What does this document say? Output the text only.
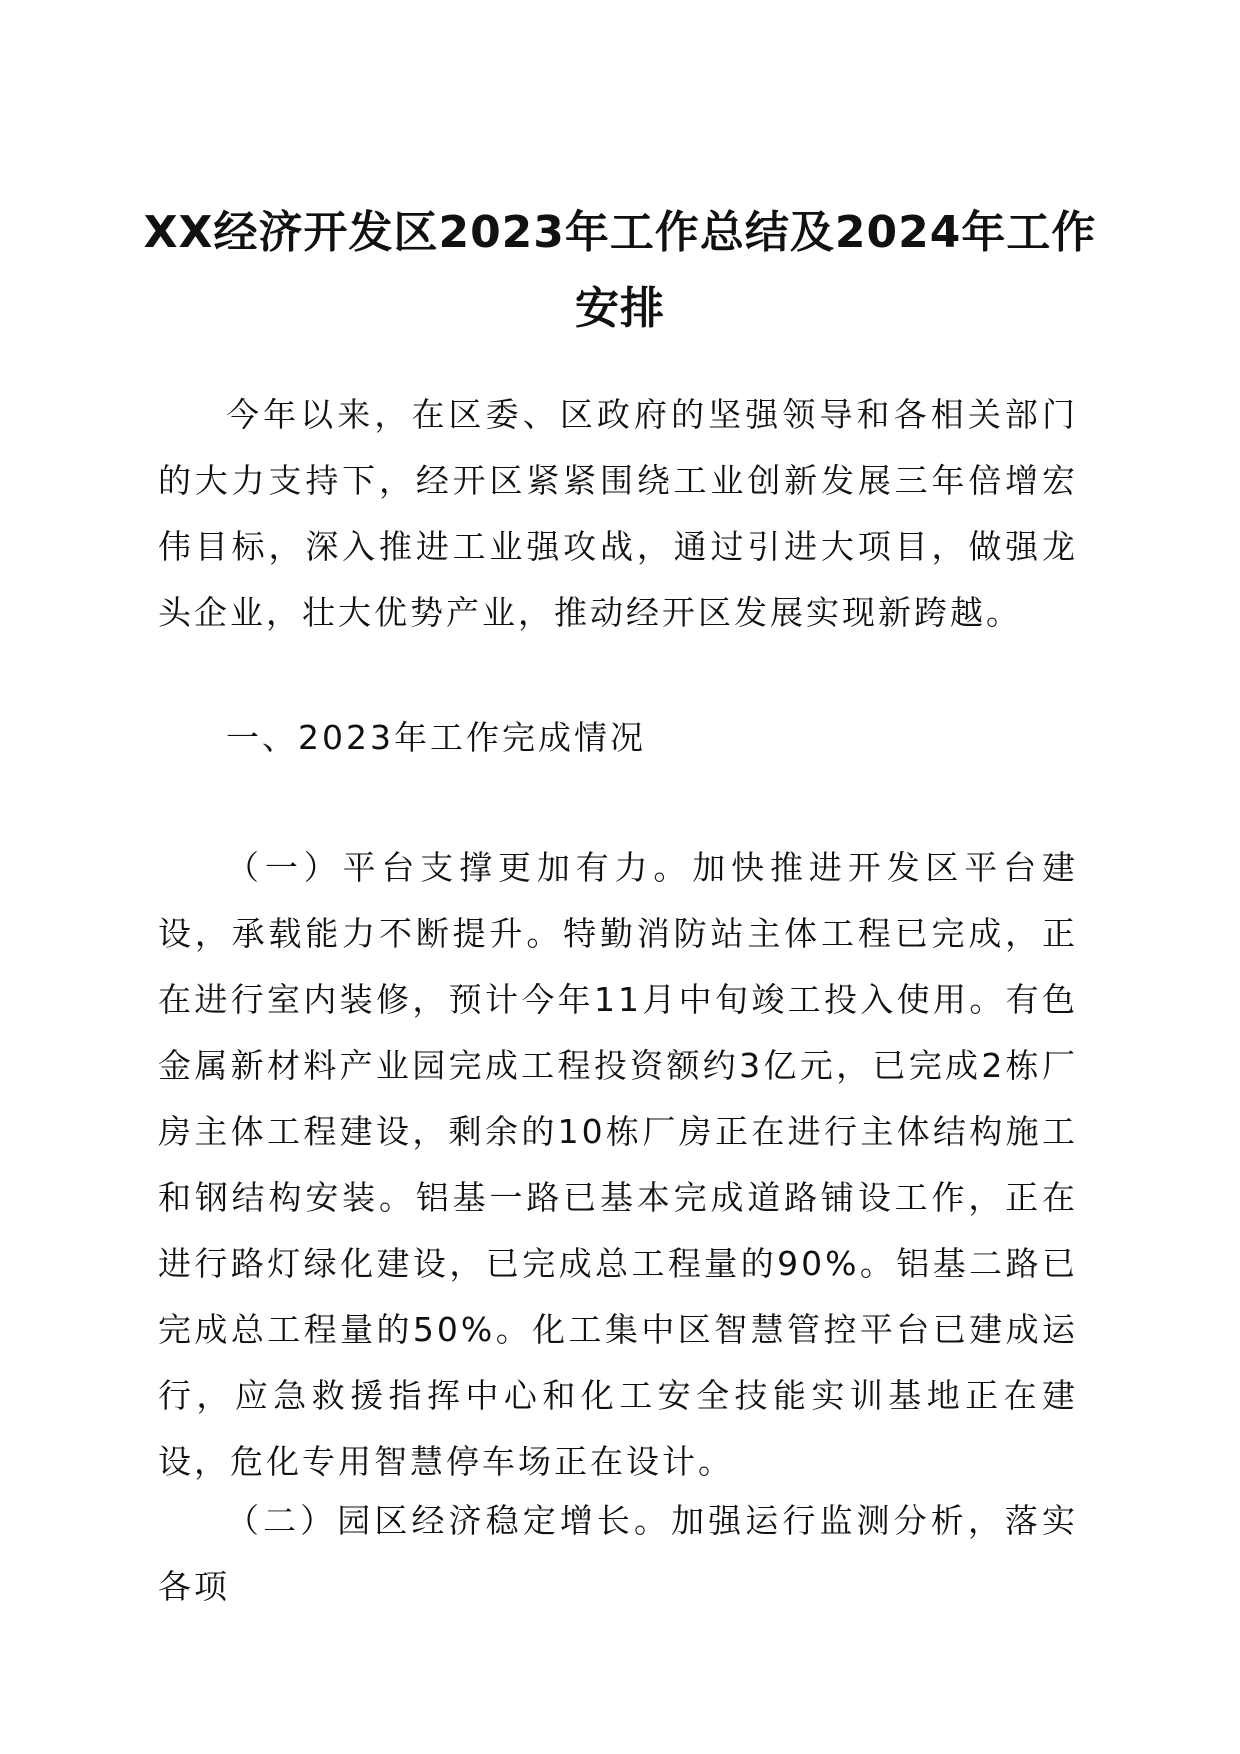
XX经济开发区2023年工作总结及2024年工作安排

今年以来，在区委、区政府的坚强领导和各相关部门的大力支持下，经开区紧紧围绕工业创新发展三年倍增宏伟目标，深入推进工业强攻战，通过引进大项目，做强龙头企业，壮大优势产业，推动经开区发展实现新跨越。

一、2023年工作完成情况

（一）平台支撑更加有力。加快推进开发区平台建设，承载能力不断提升。特勤消防站主体工程已完成，正在进行室内装修，预计今年11月中旬竣工投入使用。有色金属新材料产业园完成工程投资额约3亿元，已完成2栋厂房主体工程建设，剩余的10栋厂房正在进行主体结构施工和钢结构安装。铝基一路已基本完成道路铺设工作，正在进行路灯绿化建设，已完成总工程量的90%。铝基二路已完成总工程量的50%。化工集中区智慧管控平台已建成运行，应急救援指挥中心和化工安全技能实训基地正在建设，危化专用智慧停车场正在设计。

（二）园区经济稳定增长。加强运行监测分析，落实各项
